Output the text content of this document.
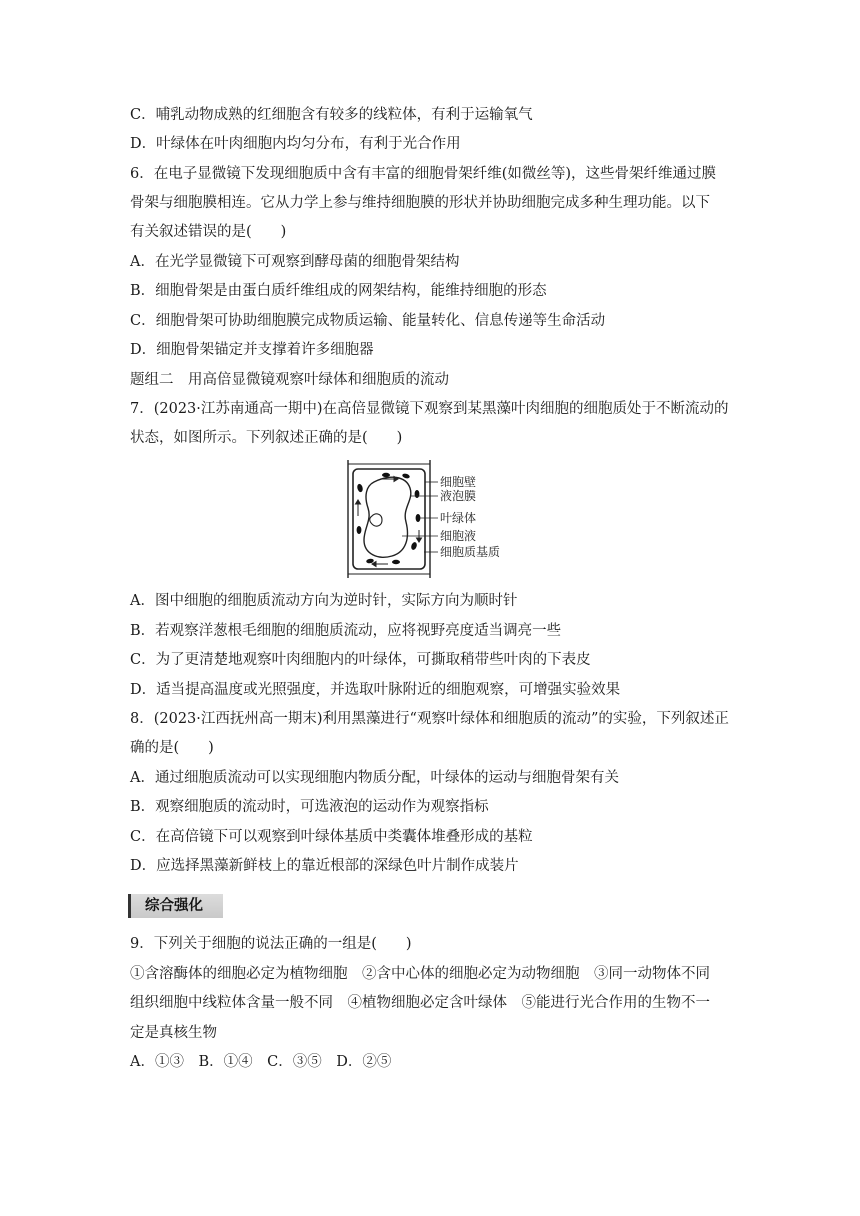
C．哺乳动物成熟的红细胞含有较多的线粒体，有利于运输氧气
D．叶绿体在叶肉细胞内均匀分布，有利于光合作用
6．在电子显微镜下发现细胞质中含有丰富的细胞骨架纤维(如微丝等)，这些骨架纤维通过膜
骨架与细胞膜相连。它从力学上参与维持细胞膜的形状并协助细胞完成多种生理功能。以下
有关叙述错误的是(　　)
A．在光学显微镜下可观察到酵母菌的细胞骨架结构
B．细胞骨架是由蛋白质纤维组成的网架结构，能维持细胞的形态
C．细胞骨架可协助细胞膜完成物质运输、能量转化、信息传递等生命活动
D．细胞骨架锚定并支撑着许多细胞器
题组二　用高倍显微镜观察叶绿体和细胞质的流动
7．(2023·江苏南通高一期中)在高倍显微镜下观察到某黑藻叶肉细胞的细胞质处于不断流动的
状态，如图所示。下列叙述正确的是(　　)
细胞壁
液泡膜
叶绿体
细胞液
细胞质基质
A．图中细胞的细胞质流动方向为逆时针，实际方向为顺时针
B．若观察洋葱根毛细胞的细胞质流动，应将视野亮度适当调亮一些
C．为了更清楚地观察叶肉细胞内的叶绿体，可撕取稍带些叶肉的下表皮
D．适当提高温度或光照强度，并选取叶脉附近的细胞观察，可增强实验效果
8．(2023·江西抚州高一期末)利用黑藻进行“观察叶绿体和细胞质的流动”的实验，下列叙述正
确的是(　　)
A．通过细胞质流动可以实现细胞内物质分配，叶绿体的运动与细胞骨架有关
B．观察细胞质的流动时，可选液泡的运动作为观察指标
C．在高倍镜下可以观察到叶绿体基质中类囊体堆叠形成的基粒
D．应选择黑藻新鲜枝上的靠近根部的深绿色叶片制作成装片
综合强化
9．下列关于细胞的说法正确的一组是(　　)
①含溶酶体的细胞必定为植物细胞　②含中心体的细胞必定为动物细胞　③同一动物体不同
组织细胞中线粒体含量一般不同　④植物细胞必定含叶绿体　⑤能进行光合作用的生物不一
定是真核生物
A．①③　B．①④　C．③⑤　D．②⑤
